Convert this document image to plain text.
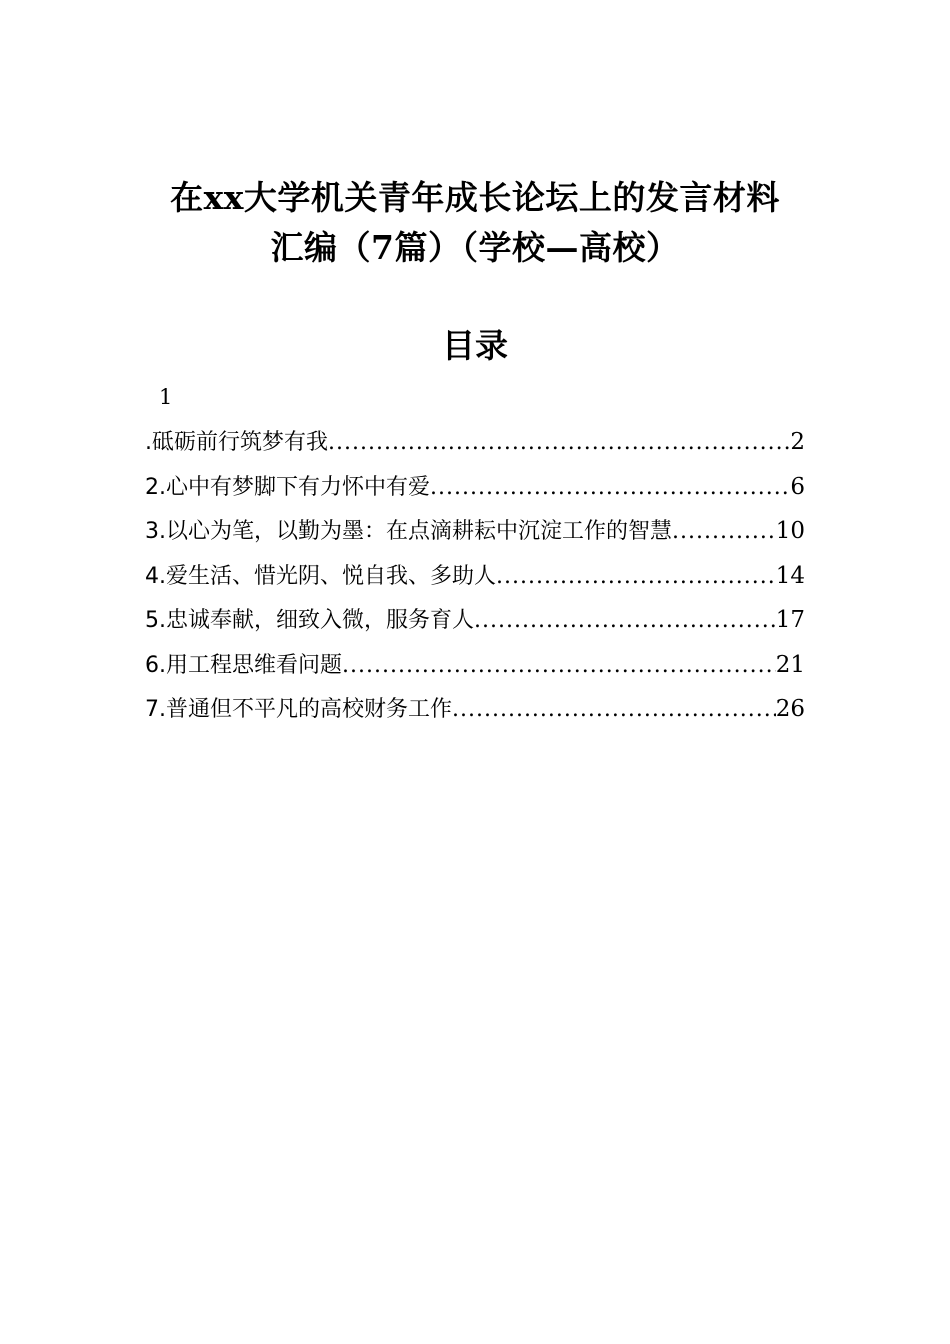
在xx大学机关青年成长论坛上的发言材料
汇编（7篇）（学校—高校）
目录
1
.砥砺前行筑梦有我 .....	2
2.心中有梦脚下有力怀中有爱 .....	6
3.以心为笔，以勤为墨：在点滴耕耘中沉淀工作的智慧 .....	10
4.爱生活、惜光阴、悦自我、多助人 .....	14
5.忠诚奉献，细致入微，服务育人 .....	17
6.用工程思维看问题 .....	21
7.普通但不平凡的高校财务工作 .....	26
